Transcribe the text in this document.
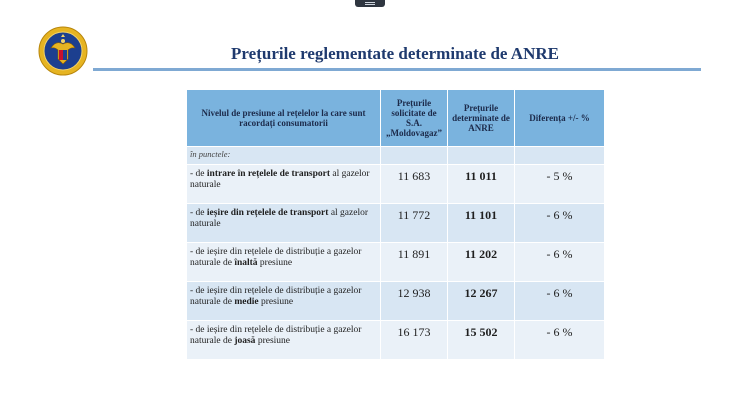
Prețurile reglementate determinate de ANRE
Nivelul de presiune al rețelelor la care sunt racordați consumatorii	Prețurile solicitate de S.A. „Moldovagaz”	Prețurile determinate de ANRE	Diferența +/- %
în punctele:			
- de intrare în rețelele de transport al gazelor naturale	11 683	11 011	- 5 %
- de ieșire din rețelele de transport al gazelor naturale	11 772	11 101	- 6 %
- de ieșire din rețelele de distribuție a gazelor naturale de înaltă presiune	11 891	11 202	- 6 %
- de ieșire din rețelele de distribuție a gazelor naturale de medie presiune	12 938	12 267	- 6 %
- de ieșire din rețelele de distribuție a gazelor naturale de joasă presiune	16 173	15 502	- 6 %
